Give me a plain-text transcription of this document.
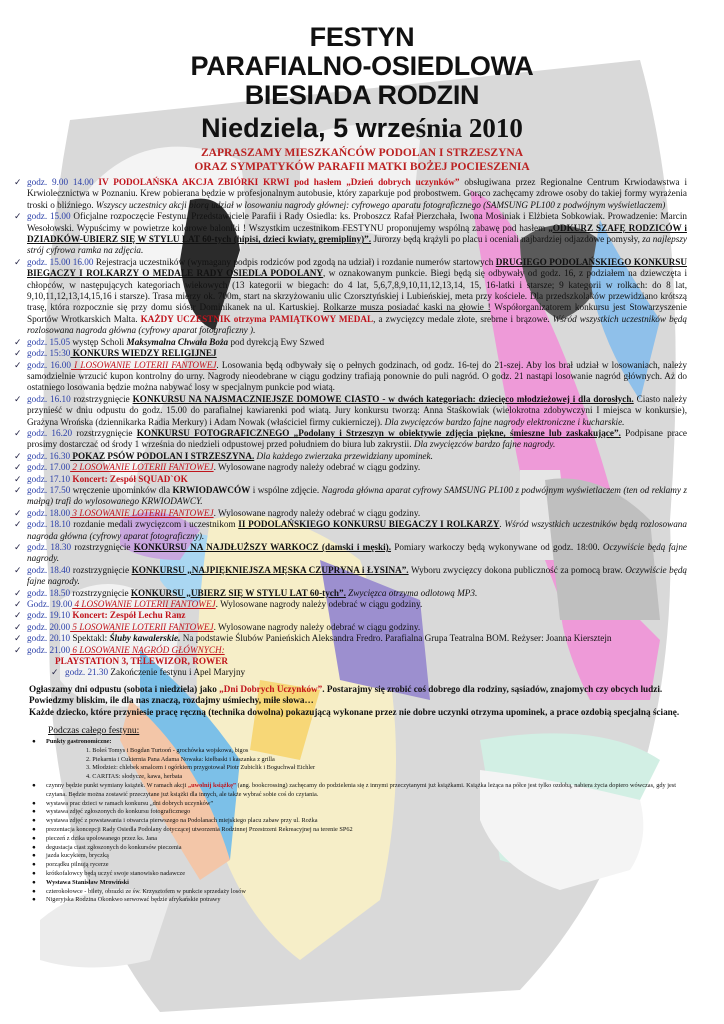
FESTYN
PARAFIALNO-OSIEDLOWA
BIESIADA RODZIN
Niedziela, 5 września 2010
ZAPRASZAMY MIESZKAŃCÓW PODOLAN I STRZESZYNA
ORAZ SYMPATYKÓW PARAFII MATKI BOŻEJ POCIESZENIA
✓ godz. 9.00 14.00 IV PODOLAŃSKA AKCJA ZBIÓRKI KRWI pod hasłem „Dzień dobrych uczynków” obsługiwana przez Regionalne Centrum Krwiodawstwa i Krwiolecznictwa w Poznaniu. Krew pobierana będzie w profesjonalnym autobusie, który zaparkuje pod probostwem. Gorąco zachęcamy zdrowe osoby do takiej formy wyrażenia troski o bliźniego. Wszyscy uczestnicy akcji biorą udział w losowaniu nagrody głównej: cyfrowego aparatu fotograficznego (SAMSUNG PL100 z podwójnym wyświetlaczem)
✓ godz. 15.00 Oficjalne rozpoczęcie Festynu. Przedstawiciele Parafii i Rady Osiedla: ks. Proboszcz Rafał Pierzchała, Iwona Mosiniak i Elżbieta Sobkowiak. Prowadzenie: Marcin Wesołowski. Wypuścimy w powietrze kolorowe baloniki ! Wszystkim uczestnikom FESTYNU proponujemy wspólną zabawę pod hasłem „ODKURZ SZAFĘ RODZICÓW i DZIADKÓW-UBIERZ SIĘ W STYLU LAT 60-tych (hipisi, dzieci kwiaty, gremipliny)”. Jurorzy będą krążyli po placu i oceniali najbardziej odjazdowe pomysły, za najlepszy strój cyfrowa ramka na zdjęcia.
✓ godz. 15.00 16.00 Rejestracja uczestników (wymagany podpis rodziców pod zgodą na udział) i rozdanie numerów startowych DRUGIEGO PODOLAŃSKIEGO KONKURSU BIEGACZY I ROLKARZY O MEDALE RADY OSIEDLA PODOLANY, w oznakowanym punkcie. Biegi będą się odbywały od godz. 16, z podziałem na dziewczęta i chłopców, w następujących kategoriach wiekowych (13 kategorii w biegach: do 4 lat, 5,6,7,8,9,10,11,12,13,14, 15, 16-latki i starsze; 9 kategorii w rolkach: do 8 lat, 9,10,11,12,13,14,15,16 i starsze). Trasa mierzy ok. 700m, start na skrzyżowaniu ulic Czorsztyńskiej i Lubieńskiej, meta przy kościele. Dla przedszkolaków przewidziano krótszą trasę, która rozpocznie się przy domu sióstr Dominikanek na ul. Kartuskiej. Rolkarze musza posiadać kaski na głowie ! Współorganizatorem konkursu jest Stowarzyszenie Sportów Wrotkarskich Malta. KAŻDY UCZESTNIK otrzyma PAMIĄTKOWY MEDAL, a zwycięzcy medale złote, srebrne i brązowe. Wśród wszystkich uczestników będą rozlosowana nagroda główna (cyfrowy aparat fotograficzny ).
✓ godz. 15.05 występ Scholi Maksymalna Chwała Boża pod dyrekcją Ewy Szwed
✓ godz. 15:30 KONKURS WIEDZY RELIGIJNEJ
✓ godz. 16.00 I LOSOWANIE LOTERII FANTOWEJ. Losowania będą odbywały się o pełnych godzinach, od godz. 16-tej do 21-szej. Aby los brał udział w losowaniach, należy samodzielnie wrzucić kupon kontrolny do urny. Nagrody nieodebrane w ciągu godziny trafiają ponownie do puli nagród. O godz. 21 nastąpi losowanie nagród głównych. Aż do ostatniego losowania będzie można nabywać losy w specjalnym punkcie pod wiatą.
✓ godz. 16.10 rozstrzygnięcie KONKURSU NA NAJSMACZNIEJSZE DOMOWE CIASTO - w dwóch kategoriach: dziecięco młodzieżowej i dla dorosłych. Ciasto należy przynieść w dniu odpustu do godz. 15.00 do parafialnej kawiarenki pod wiatą. Jury konkursu tworzą: Anna Staśkowiak (wielokrotna zdobywczyni I miejsca w konkursie), Grażyna Wrońska (dziennikarka Radia Merkury) i Adam Nowak (właściciel firmy cukierniczej). Dla zwycięzców bardzo fajne nagrody elektroniczne i kucharskie.
✓ godz. 16.20 rozstrzygnięcie KONKURSU FOTOGRAFICZNEGO „Podolany i Strzeszyn w obiektywie zdjęcia piękne, śmieszne lub zaskakujące”. Podpisane prace prosimy dostarczać od środy 1 września do niedzieli odpustowej przed południem do biura lub zakrystii. Dla zwycięzców bardzo fajne nagrody.
✓ godz. 16.30 POKAZ PSÓW PODOLAN I STRZESZYNA. Dla każdego zwierzaka przewidziany upominek.
✓ godz. 17.00 2 LOSOWANIE LOTERII FANTOWEJ. Wylosowane nagrody należy odebrać w ciągu godziny.
✓ godz. 17.10 Koncert: Zespół SQUAD`OK
✓ godz. 17.50 wręczenie upominków dla KRWIODAWCÓW i wspólne zdjęcie. Nagroda główna aparat cyfrowy SAMSUNG PL100 z podwójnym wyświetlaczem (ten od reklamy z małpą) trafi do wylosowanego KRWIODAWCY.
✓ godz. 18.00 3 LOSOWANIE LOTERII FANTOWEJ. Wylosowane nagrody należy odebrać w ciągu godziny.
✓ godz. 18.10 rozdanie medali zwycięzcom i uczestnikom II PODOLAŃSKIEGO KONKURSU BIEGACZY I ROLKARZY. Wśród wszystkich uczestników będą rozlosowana nagroda główna (cyfrowy aparat fotograficzny).
✓ godz. 18.30 rozstrzygnięcie KONKURSU NA NAJDŁUŻSZY WARKOCZ (damski i męski). Pomiary warkoczy będą wykonywane od godz. 18:00. Oczywiście będą fajne nagrody.
✓ godz. 18.40 rozstrzygnięcie KONKURSU „NAJPIĘKNIEJSZA MĘSKA CZUPRYNA i ŁYSINA”. Wyboru zwycięzcy dokona publiczność za pomocą braw. Oczywiście będą fajne nagrody.
✓ godz. 18.50 rozstrzygnięcie KONKURSU „UBIERZ SIĘ W STYLU LAT 60-tych”. Zwycięzca otrzyma odlotową MP3.
✓ Godz. 19.00 4 LOSOWANIE LOTERII FANTOWEJ. Wylosowane nagrody należy odebrać w ciągu godziny.
✓ godz. 19.10 Koncert: Zespół Lechu Ranz
✓ godz. 20.00 5 LOSOWANIE LOTERII FANTOWEJ. Wylosowane nagrody należy odebrać w ciągu godziny.
✓ godz. 20.10 Spektakl: Śluby kawalerskie. Na podstawie Ślubów Panieńskich Aleksandra Fredro. Parafialna Grupa Teatralna BOM. Reżyser: Joanna Kiersztejn
✓ godz. 21.00 6 LOSOWANIE NAGRÓD GŁÓWNYCH:
PLAYSTATION 3, TELEWIZOR, ROWER
✓ godz. 21.30 Zakończenie festynu i Apel Maryjny
Ogłaszamy dni odpustu (sobota i niedziela) jako „Dni Dobrych Uczynków”. Postarajmy się zrobić coś dobrego dla rodziny, sąsiadów, znajomych czy obcych ludzi. Powiedzmy bliskim, ile dla nas znaczą, rozdajmy uśmiechy, miłe słowa…
Każde dziecko, które przyniesie pracę ręczną (technika dowolna) pokazującą wykonane przez nie dobre uczynki otrzyma upominek, a prace ozdobią specjalną ścianę.
Podczas całego festynu:
● Punkty gastronomiczne:
1. Boleś Tomys i Bogdan Turtooń - grochówka wojskowa, bigos
2. Piekarnia i Cukiernia Pana Adama Nowaka: kiełbaski i kaszanka z grilla
3. Młodzież: chlebek smalcem i ogórkiem przygotował Piotr Zubiclik i Boguchwał Eichler
4. CARITAS: słodycze, kawa, herbata
● czynny będzie punkt wymiany książek. W ramach akcji „uwolnij książkę” (ang. bookcrossing) zachęcamy do podzielenia się z innymi przeczytanymi już książkami. Książka leżąca na półce jest tylko ozdobą, nabiera życia dopiero wówczas, gdy jest czytana. Będzie można zostawić przeczytane już książki dla innych, ale także wybrać sobie coś do czytania.
● wystawa prac dzieci w ramach konkursu „dni dobrych uczynków”
● wystawa zdjęć zgłoszonych do konkursu fotograficznego
● wystawa zdjęć z powstawania i otwarcia pierwszego na Podolanach miejskiego placu zabaw przy ul. Rożka
● prezentacja koncepcji Rady Osiedla Podolany dotyczącej utworzenia Rodzinnej Przestrzeni Rekreacyjnej na terenie SP62
● pieczeń z dzika upolowanego przez ks. Jana
● degustacja ciast zgłoszonych do konkursów pieczenia
● jazda kucykiem, bryczką
● porządku pilnują rycerze
● krótkofalowcy będą uczyć swoje stanowisko nadawcze
● Wystawa Stanisław Mrowiński
● czterokołowce - bilety, obrazki ze św. Krzysztofem w punkcie sprzedaży losów
● Nigeryjska Rodzina Okonkwo serwować będzie afrykańskie potrawy
